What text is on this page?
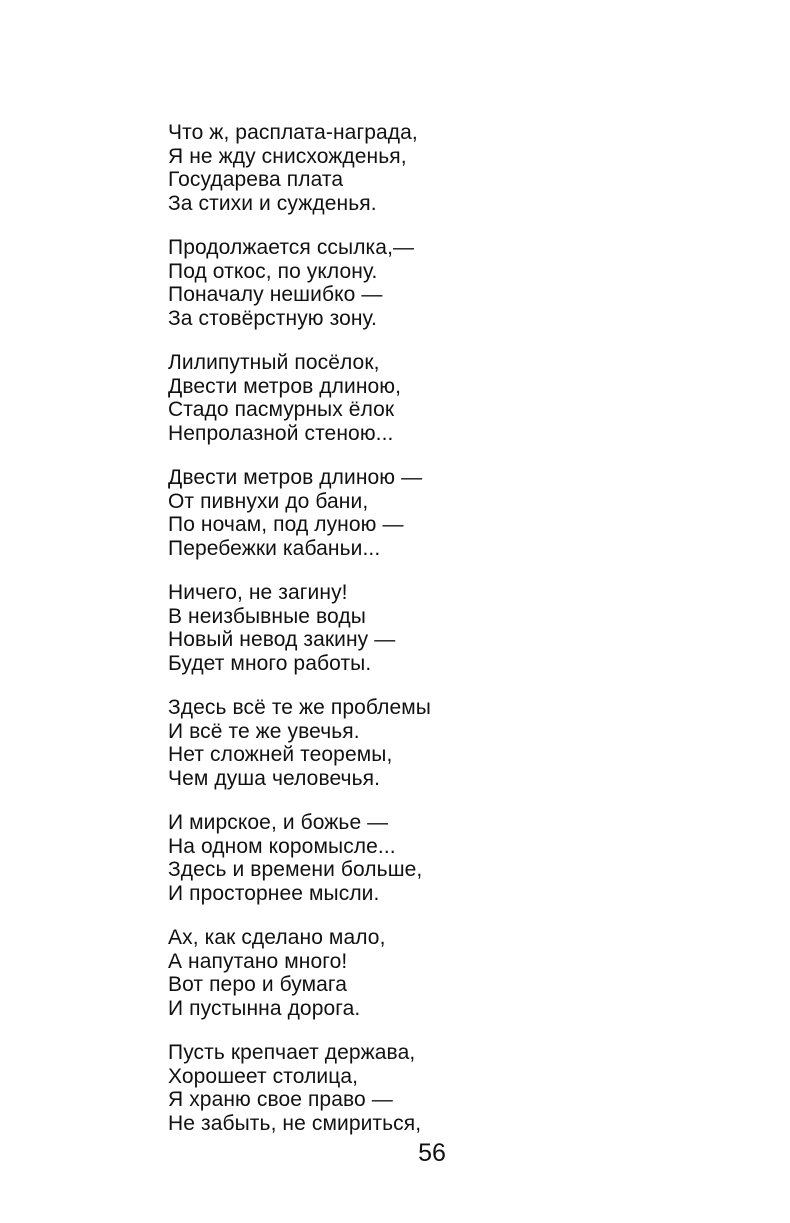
Что ж, расплата-награда,
Я не жду снисхожденья,
Государева плата
За стихи и сужденья.
Продолжается ссылка,—
Под откос, по уклону.
Поначалу нешибко —
За стовёрстную зону.
Лилипутный посёлок,
Двести метров длиною,
Стадо пасмурных ёлок
Непролазной стеною...
Двести метров длиною —
От пивнухи до бани,
По ночам, под луною —
Перебежки кабаньи...
Ничего, не загину!
В неизбывные воды
Новый невод закину —
Будет много работы.
Здесь всё те же проблемы
И всё те же увечья.
Нет сложней теоремы,
Чем душа человечья.
И мирское, и божье —
На одном коромысле...
Здесь и времени больше,
И просторнее мысли.
Ах, как сделано мало,
А напутано много!
Вот перо и бумага
И пустынна дорога.
Пусть крепчает держава,
Хорошеет столица,
Я храню свое право —
Не забыть, не смириться,
56
